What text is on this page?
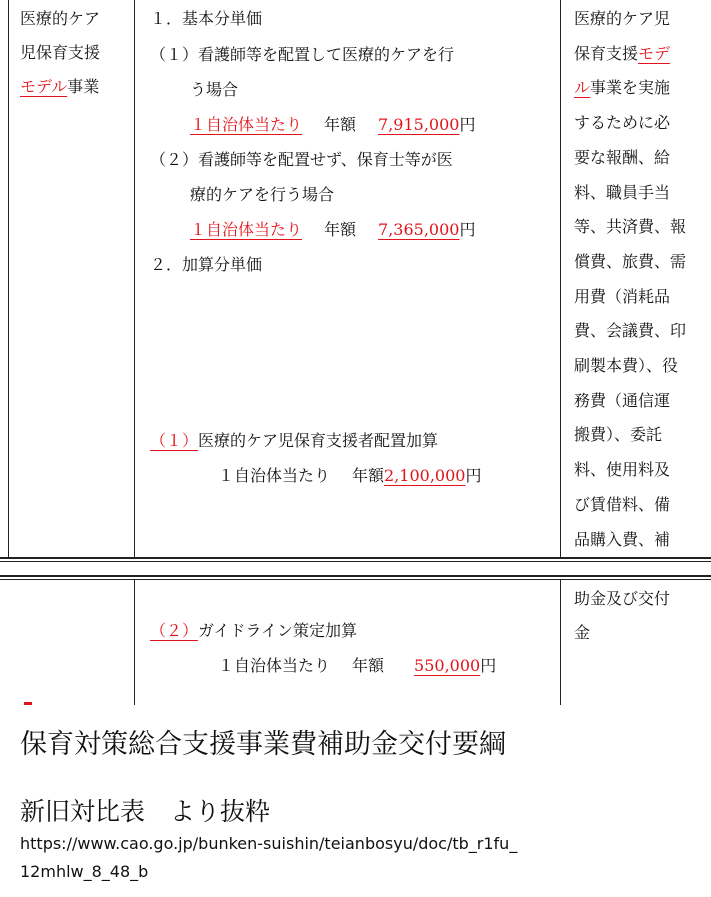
医療的ケア
児保育支援
モデル事業
１．基本分単価
（１）看護師等を配置して医療的ケアを行
う場合
１自治体当たり 年額 7,915,000円
（２）看護師等を配置せず、保育士等が医
療的ケアを行う場合
１自治体当たり 年額 7,365,000円
２．加算分単価
（１）医療的ケア児保育支援者配置加算
１自治体当たり 年額2,100,000円
医療的ケア児
保育支援モデ
ル事業を実施
するために必
要な報酬、給
料、職員手当
等、共済費、報
償費、旅費、需
用費（消耗品
費、会議費、印
刷製本費）、役
務費（通信運
搬費）、委託
料、使用料及
び賃借料、備
品購入費、補
（２）ガイドライン策定加算
１自治体当たり 年額 550,000円
助金及び交付
金
保育対策総合支援事業費補助金交付要綱
新旧対比表　より抜粋
https://www.cao.go.jp/bunken-suishin/teianbosyu/doc/tb_r1fu_
12mhlw_8_48_b
